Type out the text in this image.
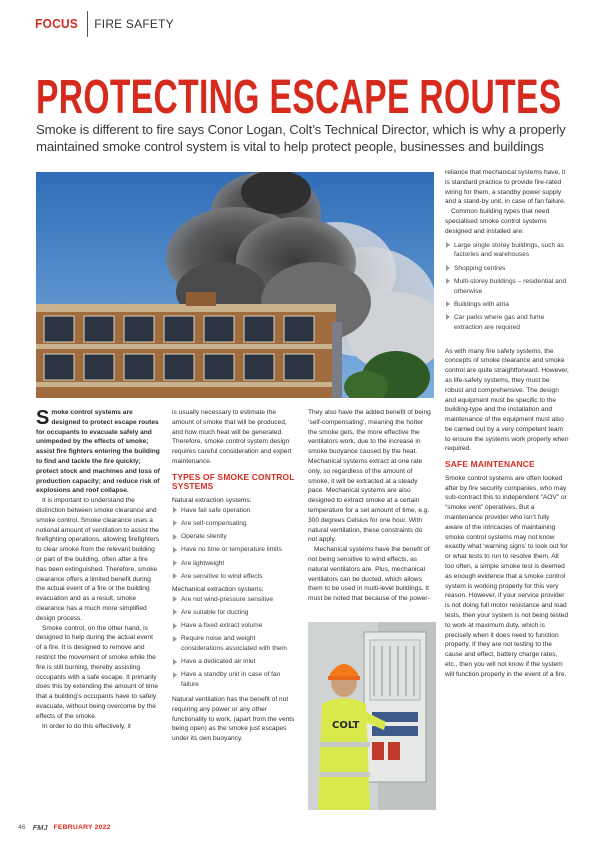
FOCUS FIRE SAFETY
PROTECTING ESCAPE ROUTES
Smoke is different to fire says Conor Logan, Colt’s Technical Director, which is why a properly maintained smoke control system is vital to help protect people, businesses and buildings
COLT

Smoke control systems are designed to protect escape routes for occupants to evacuate safely and unimpeded by the effects of smoke; assist fire fighters entering the building to find and tackle the fire quickly; protect stock and machines and loss of production capacity; and reduce risk of explosions and roof collapse.

It is important to understand the distinction between smoke clearance and smoke control. Smoke clearance uses a notional amount of ventilation to assist the firefighting operations, allowing firefighters to clear smoke from the relevant building or part of the building, often after a fire has been extinguished. Therefore, smoke clearance offers a limited benefit during the actual event of a fire or the building evacuation and as a result, smoke clearance has a much more simplified design process.

Smoke control, on the other hand, is designed to help during the actual event of a fire. It is designed to remove and restrict the movement of smoke while the fire is still burning, thereby assisting occupants with a safe escape. It primarily does this by extending the amount of time that a building’s occupants have to safely evacuate, without being overcome by the effects of the smoke.

In order to do this effectively, it

is usually necessary to estimate the amount of smoke that will be produced, and how much heat will be generated. Therefore, smoke control system design requires careful consideration and expert maintenance.

TYPES OF SMOKE CONTROL SYSTEMS

Natural extraction systems:

Have fail safe operation
Are self-compensating
Operate silently
Have no time or temperature limits
Are lightweight
Are sensitive to wind effects

Mechanical extraction systems:

Are not wind-pressure sensitive
Are suitable for ducting
Have a fixed extract volume
Require noise and weight considerations associated with them
Have a dedicated air inlet
Have a standby unit in case of fan failure

Natural ventilation has the benefit of not requiring any power or any other functionality to work, (apart from the vents being open) as the smoke just escapes under its own buoyancy.

They also have the added benefit of being ‘self-compensating’, meaning the hotter the smoke gets, the more effective the ventilators work, due to the increase in smoke buoyance caused by the heat. Mechanical systems extract at one rate only, so regardless of the amount of smoke, it will be extracted at a steady pace. Mechanical systems are also designed to extract smoke at a certain temperature for a set amount of time, e.g. 300 degrees Celsius for one hour. With natural ventilation, these constraints do not apply.

Mechanical systems have the benefit of not being sensitive to wind effects, as natural ventilators are. Plus, mechanical ventilators can be ducted, which allows them to be used in multi-level buildings. It must be noted that because of the power-

reliance that mechanical systems have, it is standard practice to provide fire-rated wiring for them, a standby power supply and a stand-by unit, in case of fan failure.

Common building types that need specialised smoke control systems designed and installed are:

Large single storey buildings, such as factories and warehouses
Shopping centres
Multi-storey buildings – residential and otherwise
Buildings with atria
Car parks where gas and fume extraction are required

As with many fire safety systems, the concepts of smoke clearance and smoke control are quite straightforward. However, as life-safety systems, they must be robust and comprehensive. The design and equipment must be specific to the building-type and the installation and maintenance of the equipment must also be carried out by a very competent team to ensure the systems work properly when required.

SAFE MAINTENANCE

Smoke control systems are often looked after by fire security companies, who may sub-contract this to independent “AOV” or “smoke vent” operatives. But a maintenance provider who isn’t fully aware of the intricacies of maintaining smoke control systems may not know exactly what ‘warning signs’ to look out for or what tests to run to resolve them. All too often, a simple smoke test is deemed as enough evidence that a smoke control system is working properly for this very reason. However, if your service provider is not doing full motor resistance and load tests, then your system is not being tested to work at maximum duty, which is precisely when it does need to function properly. If they are not testing to the cause and effect, battery charge rates, etc., then you will not know if the system will function properly in the event of a fire.

46 FMJ FEBRUARY 2022
